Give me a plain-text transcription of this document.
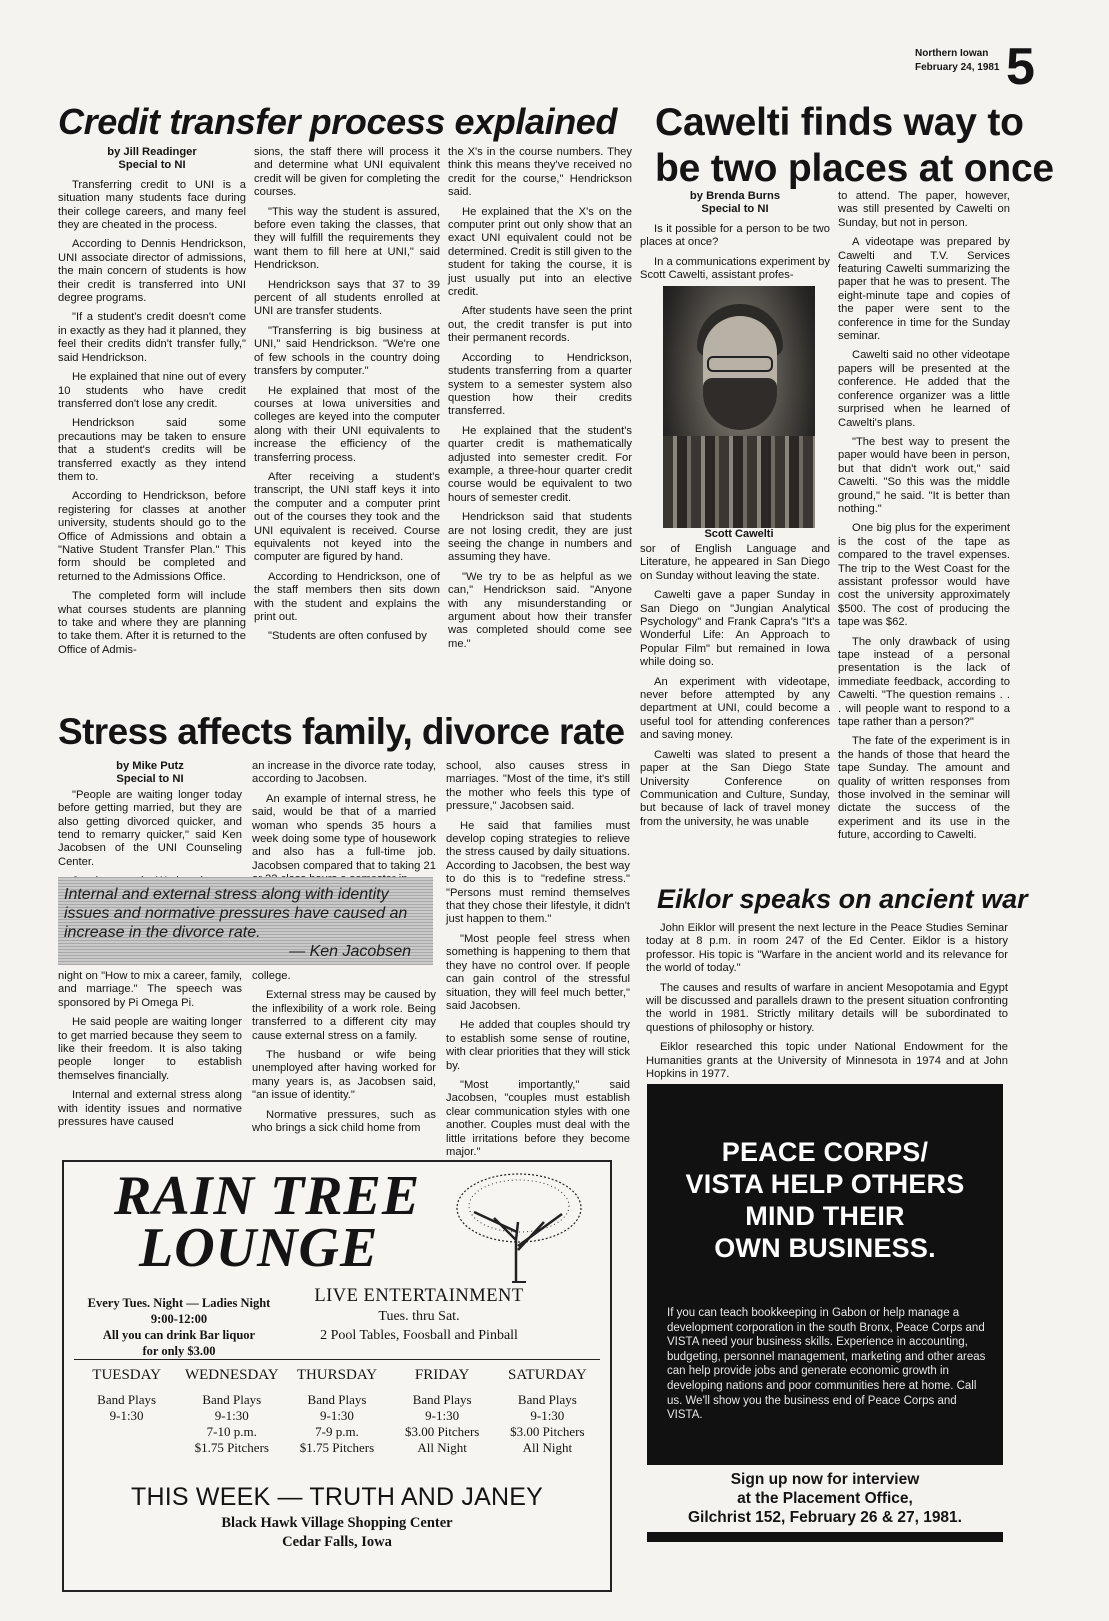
Northern Iowan
February 24, 1981 5
Credit transfer process explained
by Jill Readinger
Special to NI

Transferring credit to UNI is a situation many students face during their college careers, and many feel they are cheated in the process.

According to Dennis Hendrickson, UNI associate director of admissions, the main concern of students is how their credit is transferred into UNI degree programs.

"If a student's credit doesn't come in exactly as they had it planned, they feel their credits didn't transfer fully," said Hendrickson.

He explained that nine out of every 10 students who have credit transferred don't lose any credit.

Hendrickson said some precautions may be taken to ensure that a student's credits will be transferred exactly as they intend them to.

According to Hendrickson, before registering for classes at another university, students should go to the Office of Admissions and obtain a "Native Student Transfer Plan." This form should be completed and returned to the Admissions Office.

The completed form will include what courses students are planning to take and where they are planning to take them. After it is returned to the Office of Admis-

sions, the staff there will process it and determine what UNI equivalent credit will be given for completing the courses.

"This way the student is assured, before even taking the classes, that they will fulfill the requirements they want them to fill here at UNI," said Hendrickson.

Hendrickson says that 37 to 39 percent of all students enrolled at UNI are transfer students.

"Transferring is big business at UNI," said Hendrickson. "We're one of few schools in the country doing transfers by computer."

He explained that most of the courses at Iowa universities and colleges are keyed into the computer along with their UNI equivalents to increase the efficiency of the transferring process.

After receiving a student's transcript, the UNI staff keys it into the computer and a computer print out of the courses they took and the UNI equivalent is received. Course equivalents not keyed into the computer are figured by hand.

According to Hendrickson, one of the staff members then sits down with the student and explains the print out.

"Students are often confused by

the X's in the course numbers. They think this means they've received no credit for the course," Hendrickson said.

He explained that the X's on the computer print out only show that an exact UNI equivalent could not be determined. Credit is still given to the student for taking the course, it is just usually put into an elective credit.

After students have seen the print out, the credit transfer is put into their permanent records.

According to Hendrickson, students transferring from a quarter system to a semester system also question how their credits transferred.

He explained that the student's quarter credit is mathematically adjusted into semester credit. For example, a three-hour quarter credit course would be equivalent to two hours of semester credit.

Hendrickson said that students are not losing credit, they are just seeing the change in numbers and assuming they have.

"We try to be as helpful as we can," Hendrickson said. "Anyone with any misunderstanding or argument about how their transfer was completed should come see me."

Cawelti finds way to be two places at once
by Brenda Burns
Special to NI

Is it possible for a person to be two places at once?

In a communications experiment by Scott Cawelti, assistant profes-

Scott Cawelti

sor of English Language and Literature, he appeared in San Diego on Sunday without leaving the state.

Cawelti gave a paper Sunday in San Diego on "Jungian Analytical Psychology" and Frank Capra's "It's a Wonderful Life: An Approach to Popular Film" but remained in Iowa while doing so.

An experiment with videotape, never before attempted by any department at UNI, could become a useful tool for attending conferences and saving money.

Cawelti was slated to present a paper at the San Diego State University Conference on Communication and Culture, Sunday, but because of lack of travel money from the university, he was unable

to attend. The paper, however, was still presented by Cawelti on Sunday, but not in person.

A videotape was prepared by Cawelti and T.V. Services featuring Cawelti summarizing the paper that he was to present. The eight-minute tape and copies of the paper were sent to the conference in time for the Sunday seminar.

Cawelti said no other videotape papers will be presented at the conference. He added that the conference organizer was a little surprised when he learned of Cawelti's plans.

"The best way to present the paper would have been in person, but that didn't work out," said Cawelti. "So this was the middle ground," he said. "It is better than nothing."

One big plus for the experiment is the cost of the tape as compared to the travel expenses. The trip to the West Coast for the assistant professor would have cost the university approximately $500. The cost of producing the tape was $62.

The only drawback of using tape instead of a personal presentation is the lack of immediate feedback, according to Cawelti. "The question remains . . . will people want to respond to a tape rather than a person?"

The fate of the experiment is in the hands of those that heard the tape Sunday. The amount and quality of written responses from those involved in the seminar will dictate the success of the experiment and its use in the future, according to Cawelti.

Stress affects family, divorce rate
by Mike Putz
Special to NI

"People are waiting longer today before getting married, but they are also getting divorced quicker, and tend to remarry quicker," said Ken Jacobsen of the UNI Counseling Center.

an increase in the divorce rate today, according to Jacobsen.

An example of internal stress, he said, would be that of a married woman who spends 35 hours a week doing some type of housework and also has a full-time job. Jacobsen compared that to taking 21

Internal and external stress along with identity issues and normative pressures have caused an increase in the divorce rate.
— Ken Jacobsen

night on "How to mix a career, family, and marriage." The speech was sponsored by Pi Omega Pi.

He said people are waiting longer to get married because they seem to like their freedom. It is also taking people longer to establish themselves financially.

Internal and external stress along with identity issues and normative pressures have caused

college.

External stress may be caused by the inflexibility of a work role. Being transferred to a different city may cause external stress on a family.

The husband or wife being unemployed after having worked for many years is, as Jacobsen said, "an issue of identity."

Normative pressures, such as who brings a sick child home from

school, also causes stress in marriages. "Most of the time, it's still the mother who feels this type of pressure," Jacobsen said.

He said that families must develop coping strategies to relieve the stress caused by daily situations. According to Jacobsen, the best way to do this is to "redefine stress." "Persons must remind themselves that they chose their lifestyle, it didn't just happen to them."

"Most people feel stress when something is happening to them that they have no control over. If people can gain control of the stressful situation, they will feel much better," said Jacobsen.

He added that couples should try to establish some sense of routine, with clear priorities that they will stick by.

"Most importantly," said Jacobsen, "couples must establish clear communication styles with one another. Couples must deal with the little irritations before they become major."

Eiklor speaks on ancient war

John Eiklor will present the next lecture in the Peace Studies Seminar today at 8 p.m. in room 247 of the Ed Center. Eiklor is a history professor. His topic is "Warfare in the ancient world and its relevance for the world of today."

The causes and results of warfare in ancient Mesopotamia and Egypt will be discussed and parallels drawn to the present situation confronting the world in 1981. Strictly military details will be subordinated to questions of philosophy or history.

Eiklor researched this topic under National Endowment for the Humanities grants at the University of Minnesota in 1974 and at John Hopkins in 1977.

RAIN TREE
LOUNGE
Every Tues. Night — Ladies Night
9:00-12:00
All you can drink Bar liquor
for only $3.00
LIVE ENTERTAINMENT
Tues. thru Sat.
2 Pool Tables, Foosball and Pinball
TUESDAY
Band Plays
9-1:30
WEDNESDAY
Band Plays
9-1:30
7-10 p.m.
$1.75 Pitchers
THURSDAY
Band Plays
9-1:30
7-9 p.m.
$1.75 Pitchers
FRIDAY
Band Plays
9-1:30
$3.00 Pitchers
All Night
SATURDAY
Band Plays
9-1:30
$3.00 Pitchers
All Night
THIS WEEK — TRUTH AND JANEY
Black Hawk Village Shopping Center
Cedar Falls, Iowa
PEACE CORPS/
VISTA HELP OTHERS
MIND THEIR
OWN BUSINESS.
If you can teach bookkeeping in Gabon or help manage a development corporation in the south Bronx, Peace Corps and VISTA need your business skills. Experience in accounting, budgeting, personnel management, marketing and other areas can help provide jobs and generate economic growth in developing nations and poor communities here at home. Call us. We'll show you the business end of Peace Corps and VISTA.
Sign up now for interview
at the Placement Office,
Gilchrist 152, February 26 & 27, 1981.
